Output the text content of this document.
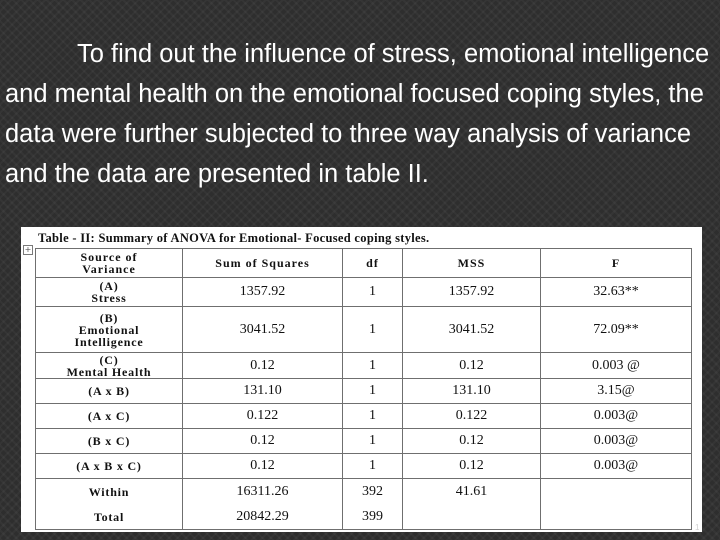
To find out the influence of stress, emotional intelligence and mental health on the emotional focused coping styles, the data were further subjected to three way analysis of variance and the data are presented in table II.

Table - II: Summary of ANOVA for Emotional- Focused coping styles.
+
Source of
Variance	Sum of Squares	df	MSS	F
(A)
Stress	1357.92	1	1357.92	32.63**
(B)
Emotional
Intelligence	3041.52	1	3041.52	72.09**
(C)
Mental Health	0.12	1	0.12	0.003 @
(A x B)	131.10	1	131.10	3.15@
(A x C)	0.122	1	0.122	0.003@
(B x C)	0.12	1	0.12	0.003@
(A x B x C)	0.12	1	0.12	0.003@
Within	16311.26	392	41.61	
Total	20842.29	399		
1
